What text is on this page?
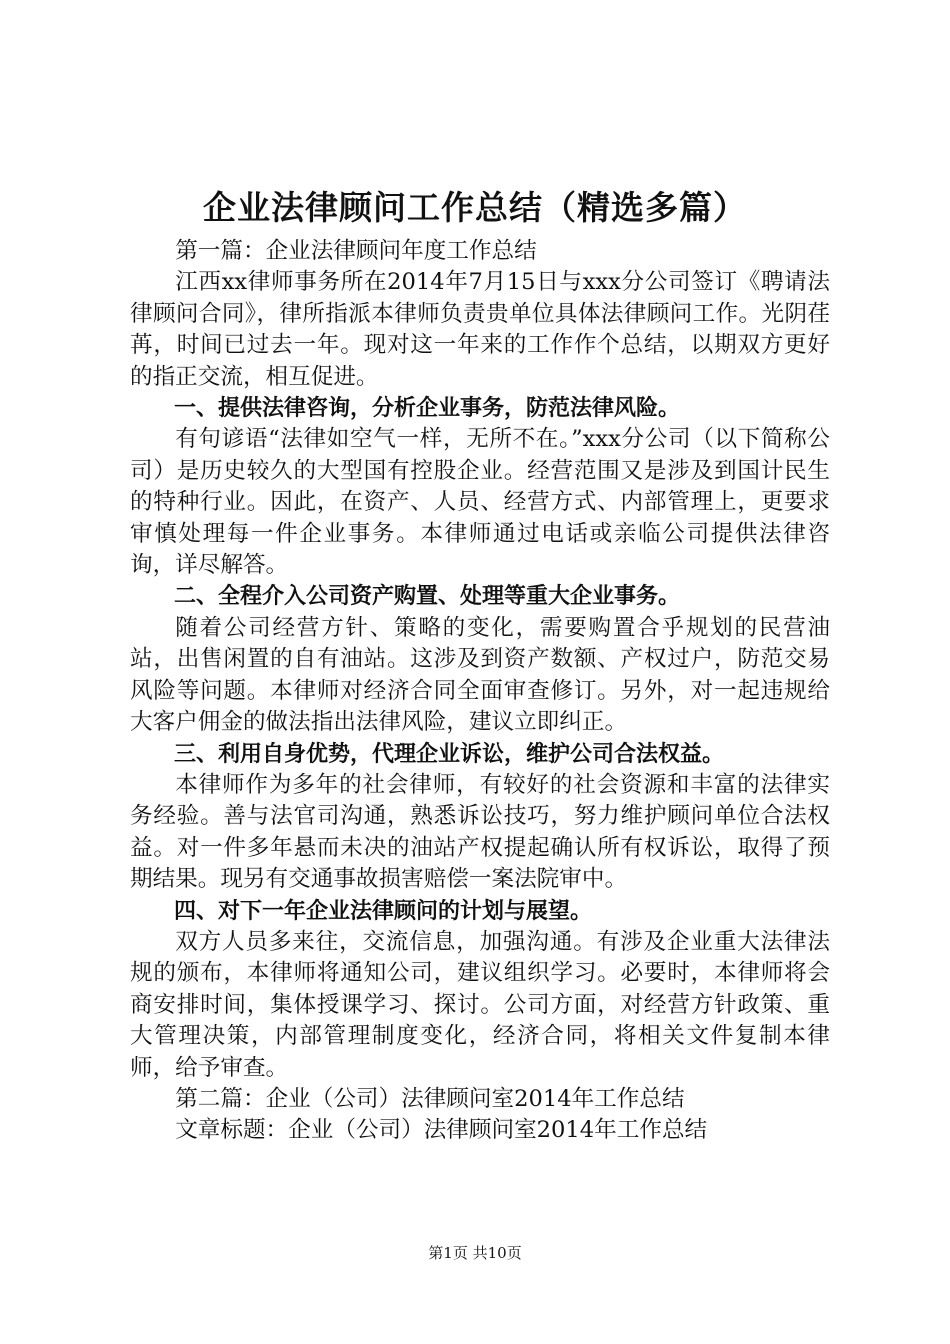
企业法律顾问工作总结（精选多篇）

第一篇：企业法律顾问年度工作总结

江西xx律师事务所在2014年7月15日与xxx分公司签订《聘请法律顾问合同》，律所指派本律师负责贵单位具体法律顾问工作。光阴荏苒，时间已过去一年。现对这一年来的工作作个总结，以期双方更好的指正交流，相互促进。

一、提供法律咨询，分析企业事务，防范法律风险。

有句谚语“法律如空气一样，无所不在。”xxx分公司（以下简称公司）是历史较久的大型国有控股企业。经营范围又是涉及到国计民生的特种行业。因此，在资产、人员、经营方式、内部管理上，更要求审慎处理每一件企业事务。本律师通过电话或亲临公司提供法律咨询，详尽解答。

二、全程介入公司资产购置、处理等重大企业事务。

随着公司经营方针、策略的变化，需要购置合乎规划的民营油站，出售闲置的自有油站。这涉及到资产数额、产权过户，防范交易风险等问题。本律师对经济合同全面审查修订。另外，对一起违规给大客户佣金的做法指出法律风险，建议立即纠正。

三、利用自身优势，代理企业诉讼，维护公司合法权益。

本律师作为多年的社会律师，有较好的社会资源和丰富的法律实务经验。善与法官司沟通，熟悉诉讼技巧，努力维护顾问单位合法权益。对一件多年悬而未决的油站产权提起确认所有权诉讼，取得了预期结果。现另有交通事故损害赔偿一案法院审中。

四、对下一年企业法律顾问的计划与展望。

双方人员多来往，交流信息，加强沟通。有涉及企业重大法律法规的颁布，本律师将通知公司，建议组织学习。必要时，本律师将会商安排时间，集体授课学习、探讨。公司方面，对经营方针政策、重大管理决策，内部管理制度变化，经济合同，将相关文件复制本律师，给予审查。

第二篇：企业（公司）法律顾问室2014年工作总结

文章标题：企业（公司）法律顾问室2014年工作总结

第1页 共10页
